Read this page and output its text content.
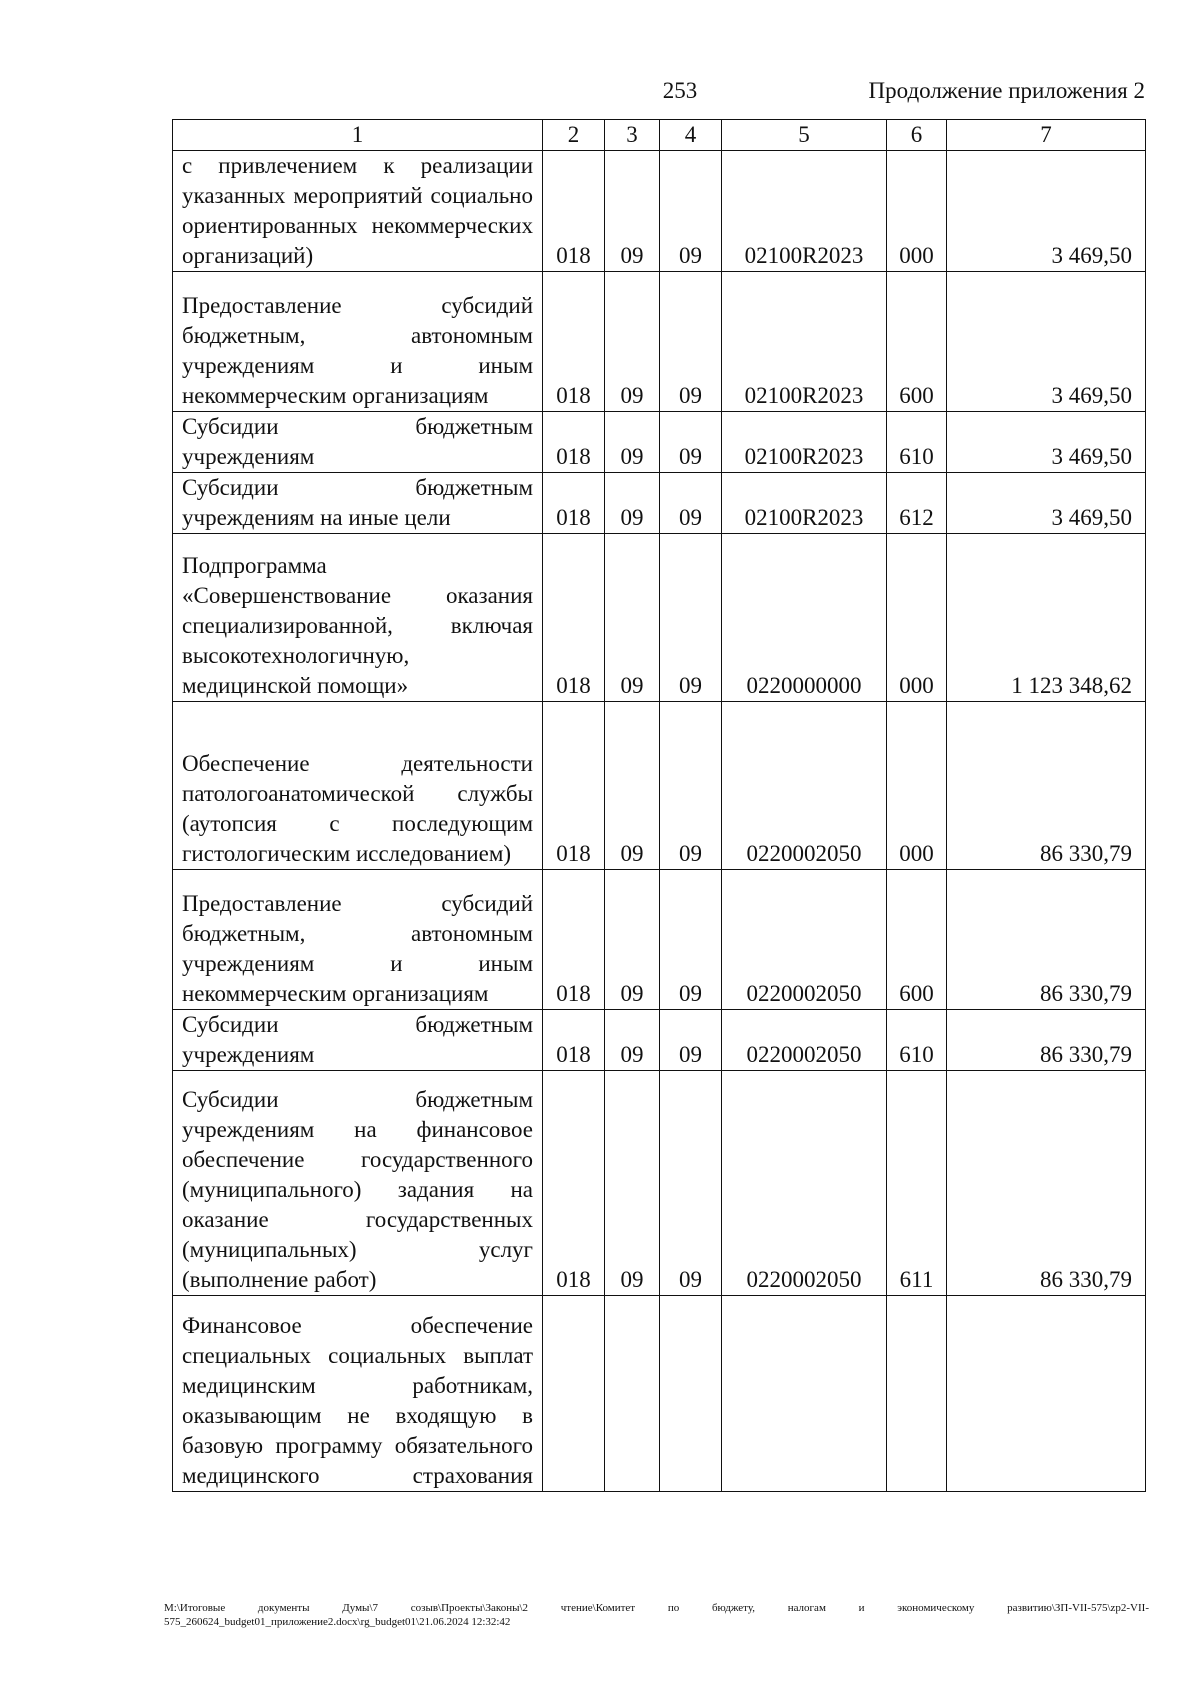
253	Продолжение приложения 2
1	2	3	4	5	6	7
с привлечением к реализации указанных мероприятий социально ориентированных некоммерческих организаций)	018	09	09	02100R2023	000	3 469,50
Предоставление субсидий бюджетным, автономным учреждениям и иным некоммерческим организациям	018	09	09	02100R2023	600	3 469,50
Субсидии бюджетным учреждениям	018	09	09	02100R2023	610	3 469,50
Субсидии бюджетным учреждениям на иные цели	018	09	09	02100R2023	612	3 469,50
Подпрограмма «Совершенствование оказания специализированной, включая высокотехнологичную, медицинской помощи»	018	09	09	0220000000	000	1 123 348,62
Обеспечение деятельности патологоанатомической службы (аутопсия с последующим гистологическим исследованием)	018	09	09	0220002050	000	86 330,79
Предоставление субсидий бюджетным, автономным учреждениям и иным некоммерческим организациям	018	09	09	0220002050	600	86 330,79
Субсидии бюджетным учреждениям	018	09	09	0220002050	610	86 330,79
Субсидии бюджетным учреждениям на финансовое обеспечение государственного (муниципального) задания на оказание государственных (муниципальных) услуг (выполнение работ)	018	09	09	0220002050	611	86 330,79
Финансовое обеспечение специальных социальных выплат медицинским работникам, оказывающим не входящую в базовую программу обязательного медицинского страхования						
M:\Итоговые документы Думы\7 созыв\Проекты\Законы\2 чтение\Комитет по бюджету, налогам и экономическому развитию\ЗП-VII-575\zp2-VII-575_260624_budget01_приложение2.docx\rg_budget01\21.06.2024 12:32:42
